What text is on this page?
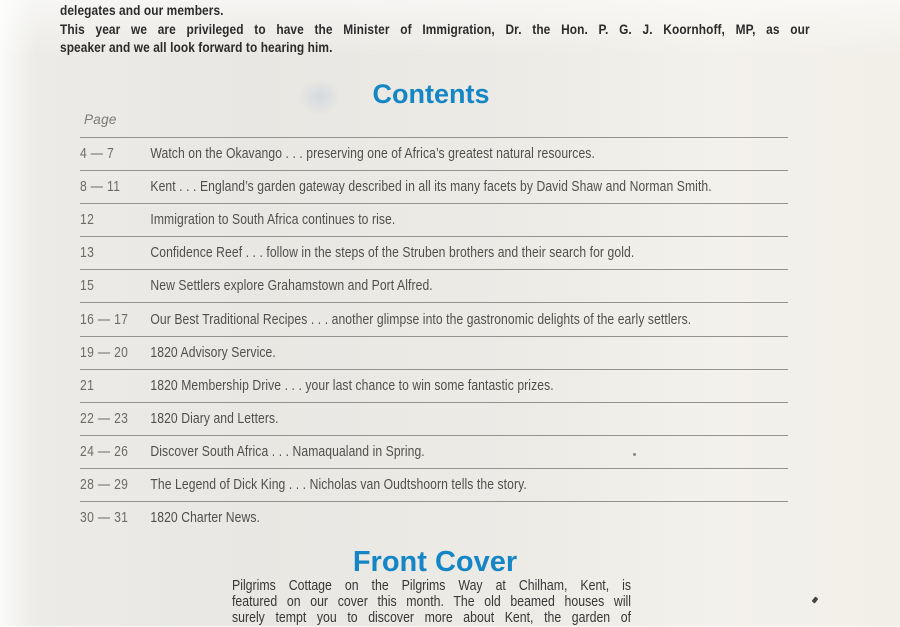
delegates and our members.
This year we are privileged to have the Minister of Immigration, Dr. the Hon. P. G. J. Koornhoff, MP, as our
speaker and we all look forward to hearing him.
Contents
Page
4 — 7	Watch on the Okavango . . . preserving one of Africa’s greatest natural resources.
8 — 11	Kent . . . England’s garden gateway described in all its many facets by David Shaw and Norman Smith.
12	Immigration to South Africa continues to rise.
13	Confidence Reef . . . follow in the steps of the Struben brothers and their search for gold.
15	New Settlers explore Grahamstown and Port Alfred.
16 — 17	Our Best Traditional Recipes . . . another glimpse into the gastronomic delights of the early settlers.
19 — 20	1820 Advisory Service.
21	1820 Membership Drive . . . your last chance to win some fantastic prizes.
22 — 23	1820 Diary and Letters.
24 — 26	Discover South Africa . . . Namaqualand in Spring.
28 — 29	The Legend of Dick King . . . Nicholas van Oudtshoorn tells the story.
30 — 31	1820 Charter News.
Front Cover
Pilgrims Cottage on the Pilgrims Way at Chilham, Kent, is
featured on our cover this month. The old beamed houses will
surely tempt you to discover more about Kent, the garden of
